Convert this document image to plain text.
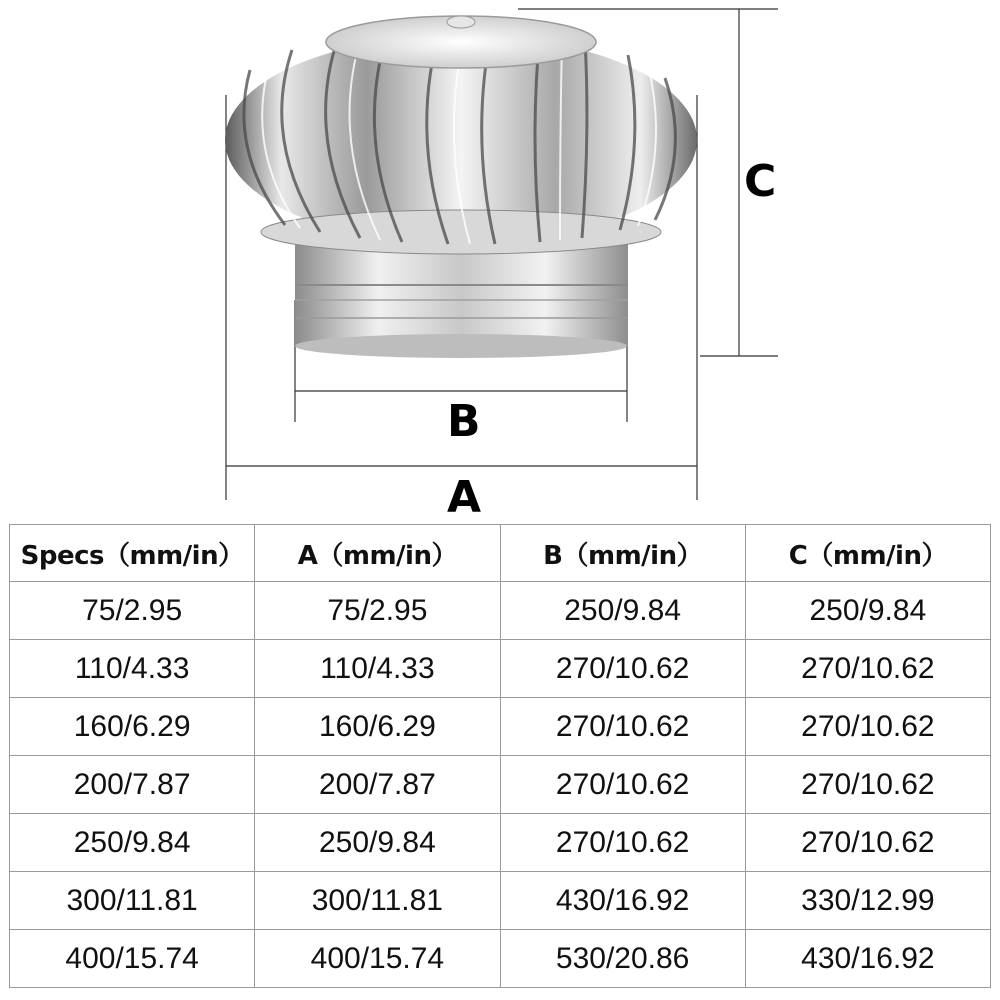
C
B
A
Specs（mm/in）	A（mm/in）	B（mm/in）	C（mm/in）
75/2.95	75/2.95	250/9.84	250/9.84
110/4.33	110/4.33	270/10.62	270/10.62
160/6.29	160/6.29	270/10.62	270/10.62
200/7.87	200/7.87	270/10.62	270/10.62
250/9.84	250/9.84	270/10.62	270/10.62
300/11.81	300/11.81	430/16.92	330/12.99
400/15.74	400/15.74	530/20.86	430/16.92
